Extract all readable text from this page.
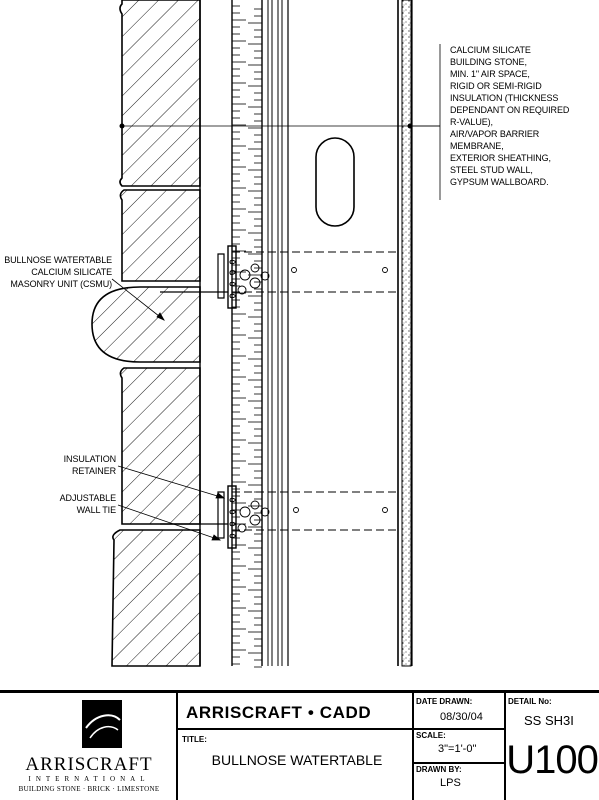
CALCIUM SILICATE
BUILDING STONE,
MIN. 1" AIR SPACE,
RIGID OR SEMI-RIGID
INSULATION (THICKNESS
DEPENDANT ON REQUIRED
R-VALUE),
AIR/VAPOR BARRIER
MEMBRANE,
EXTERIOR SHEATHING,
STEEL STUD WALL,
GYPSUM WALLBOARD.
BULLNOSE WATERTABLE
CALCIUM SILICATE
MASONRY UNIT (CSMU)
INSULATION
RETAINER
ADJUSTABLE
WALL TIE
ARRISCRAFT
INTERNATIONAL
BUILDING STONE · BRICK · LIMESTONE
ARRISCRAFT • CADD
TITLE:
BULLNOSE WATERTABLE
DATE DRAWN:
08/30/04
SCALE:
3"=1'-0"
DRAWN BY:
LPS
DETAIL No:
SS SH3I
U100
